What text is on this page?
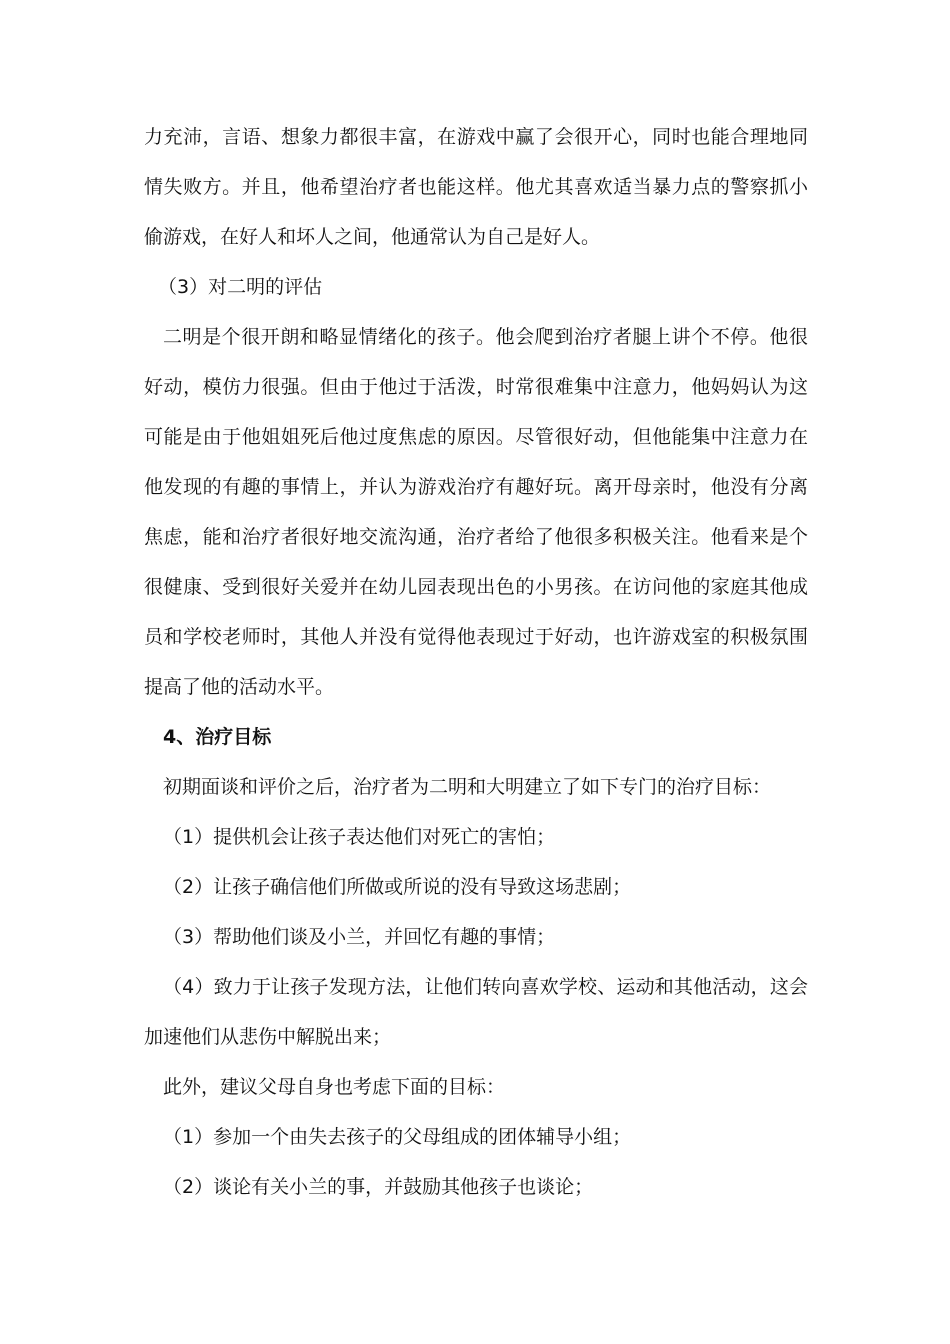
力充沛，言语、想象力都很丰富，在游戏中赢了会很开心，同时也能合理地同情失败方。并且，他希望治疗者也能这样。他尤其喜欢适当暴力点的警察抓小偷游戏，在好人和坏人之间，他通常认为自己是好人。

（3）对二明的评估

二明是个很开朗和略显情绪化的孩子。他会爬到治疗者腿上讲个不停。他很好动，模仿力很强。但由于他过于活泼，时常很难集中注意力，他妈妈认为这可能是由于他姐姐死后他过度焦虑的原因。尽管很好动，但他能集中注意力在他发现的有趣的事情上，并认为游戏治疗有趣好玩。离开母亲时，他没有分离焦虑，能和治疗者很好地交流沟通，治疗者给了他很多积极关注。他看来是个很健康、受到很好关爱并在幼儿园表现出色的小男孩。在访问他的家庭其他成员和学校老师时，其他人并没有觉得他表现过于好动，也许游戏室的积极氛围提高了他的活动水平。

4、治疗目标

初期面谈和评价之后，治疗者为二明和大明建立了如下专门的治疗目标：

（1）提供机会让孩子表达他们对死亡的害怕；

（2）让孩子确信他们所做或所说的没有导致这场悲剧；

（3）帮助他们谈及小兰，并回忆有趣的事情；

（4）致力于让孩子发现方法，让他们转向喜欢学校、运动和其他活动，这会加速他们从悲伤中解脱出来；

此外，建议父母自身也考虑下面的目标：

（1）参加一个由失去孩子的父母组成的团体辅导小组；

（2）谈论有关小兰的事，并鼓励其他孩子也谈论；
